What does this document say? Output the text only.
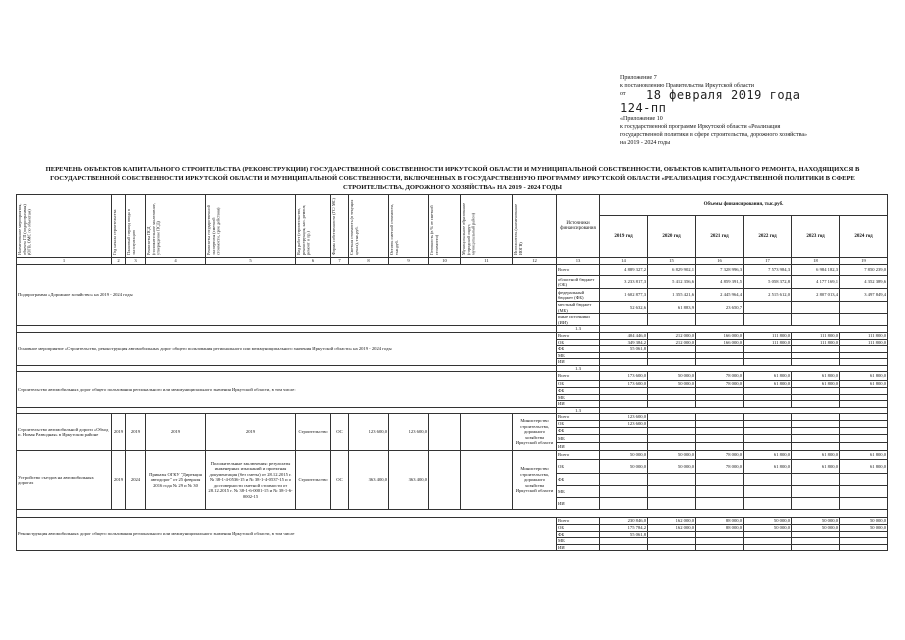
Приложение 7
к постановлению Правительства Иркутской области
от	18 февраля 2019 года
124-пп
«Приложение 10
к государственной программе Иркутской области «Реализация
государственной политики в сфере строительства, дорожного хозяйства»
на 2019 - 2024 годы
ПЕРЕЧЕНЬ ОБЪЕКТОВ КАПИТАЛЬНОГО СТРОИТЕЛЬСТВА (РЕКОНСТРУКЦИИ) ГОСУДАРСТВЕННОЙ СОБСТВЕННОСТИ ИРКУТСКОЙ ОБЛАСТИ И МУНИЦИПАЛЬНОЙ СОБСТВЕННОСТИ, ОБЪЕКТОВ КАПИТАЛЬНОГО РЕМОНТА, НАХОДЯЩИХСЯ В ГОСУДАРСТВЕННОЙ СОБСТВЕННОСТИ ИРКУТСКОЙ ОБЛАСТИ И МУНИЦИПАЛЬНОЙ СОБСТВЕННОСТИ, ВКЛЮЧЕННЫХ В ГОСУДАРСТВЕННУЮ ПРОГРАММУ ИРКУТСКОЙ ОБЛАСТИ «РЕАЛИЗАЦИЯ ГОСУДАРСТВЕННОЙ ПОЛИТИКИ В СФЕРЕ СТРОИТЕЛЬСТВА, ДОРОЖНОГО ХОЗЯЙСТВА» НА 2019 - 2024 ГОДЫ
Наименование мероприятия, объекта ГП (подпрограммы) (ОГВ, ОМС по объектам)	Год начала строительства	Плановый период ввода в эксплуатацию	Реквизиты ПСД (положительное заключение, утверждение ПСД)	Реквизиты государственной экспертизы (сметной стоимости, срок действия)	Вид работ (строительство, реконструкция, кап. ремонт, ремонт и пр.)	Форма собственности (ГС/ МС)	Сметная стоимость (в текущих ценах), тыс.руб.	Остаток сметной стоимости, тыс.руб.	Готовность (в % от сметной стоимости)	Муниципальное образование (городской округ, муниципальный район)	Исполнитель (наименование ИОГВ)	Источники финансирования	Объемы финансирования, тыс.руб.					
													2019 год	2020 год	2021 год	2022 год	2023 год	2024 год
1	2	3	4	5	6	7	8	9	10	11	12	13	14	15	16	17	18	19
Подпрограмма «Дорожное хозяйство» на 2019 - 2024 годы												Всего	4 889 327,2	6 829 902,1	7 328 996,3	7 573 984,3	6 984 182,3	7 850 239,0
												областной бюджет (ОБ)	3 233 817,3	5 412 356,6	4 859 391,5	5 058 372,8	4 177 169,1	4 352 389,6
												федеральный бюджет (ФБ)	1 602 877,3	1 355 421,6	2 445 964,4	2 515 612,0	2 807 013,4	3 497 849,4
												местный бюджет (МБ)	52 632,6	61 883,9	23 650,7			
												иные источники (ИИ)						
												1.3						
Основное мероприятие «Строительство, реконструкция автомобильных дорог общего пользования регионального или межмуниципального значения Иркутской области» на 2019 - 2024 годы												Всего	404 446,0	212 000,0	166 000,0	111 800,0	111 800,0	111 800,0
												ОБ	349 384,2	212 000,0	166 000,0	111 800,0	111 800,0	111 800,0
												ФБ	55 061,8					
												МБ						
												ИИ						
												1.3						
Строительство автомобильных дорог общего пользования регионального или межмуниципального значения Иркутской области, в том числе:												Всего	173 600,0	50 000,0	78 000,0	61 800,0	61 800,0	61 800,0
												ОБ	173 600,0	50 000,0	78 000,0	61 800,0	61 800,0	61 800,0
												ФБ						
												МБ						
												ИИ						
												1.3						
Строительство автомобильной дороги «Обход п. Новая Разводная» в Иркутском районе	2019	2019	2019	2019	Строительство	ОС	123 600,0	123 600,0			Министерство строительства, дорожного хозяйства Иркутской области	Всего	123 600,0					
												ОБ	123 600,0					
												ФБ						
												МБ						
												ИИ						
Устройство съездов на автомобильных дорогах	2019	2024	Приказы ОГКУ "Дирекция автодорог" от 25 февраля 2016 года № 29 и № 30	Положительные заключения: результаты инженерных изысканий и проектная документация (без сметы) от 28.12.2015 г. № 38-1-4-0536-15 и № 38-1-4-0537-15 и о достоверности сметной стоимости от 28.12.2015 г. № 38-1-6-0001-15 и № 38-1-6-0002-15	Строительство	ОС	363 400,0	363 400,0			Министерство строительства, дорожного хозяйства Иркутской области	Всего	50 000,0	50 000,0	78 000,0	61 800,0	61 800,0	61 800,0
												ОБ	50 000,0	50 000,0	78 000,0	61 800,0	61 800,0	61 800,0
												ФБ						
												МБ						
												ИИ						

Реконструкция автомобильных дорог общего пользования регионального или межмуниципального значения Иркутской области, в том числе												Всего	230 846,0	162 000,0	88 000,0	50 000,0	50 000,0	50 000,0
												ОБ	175 784,2	162 000,0	88 000,0	50 000,0	50 000,0	50 000,0
												ФБ	55 061,8					
												МБ						
												ИИ						
